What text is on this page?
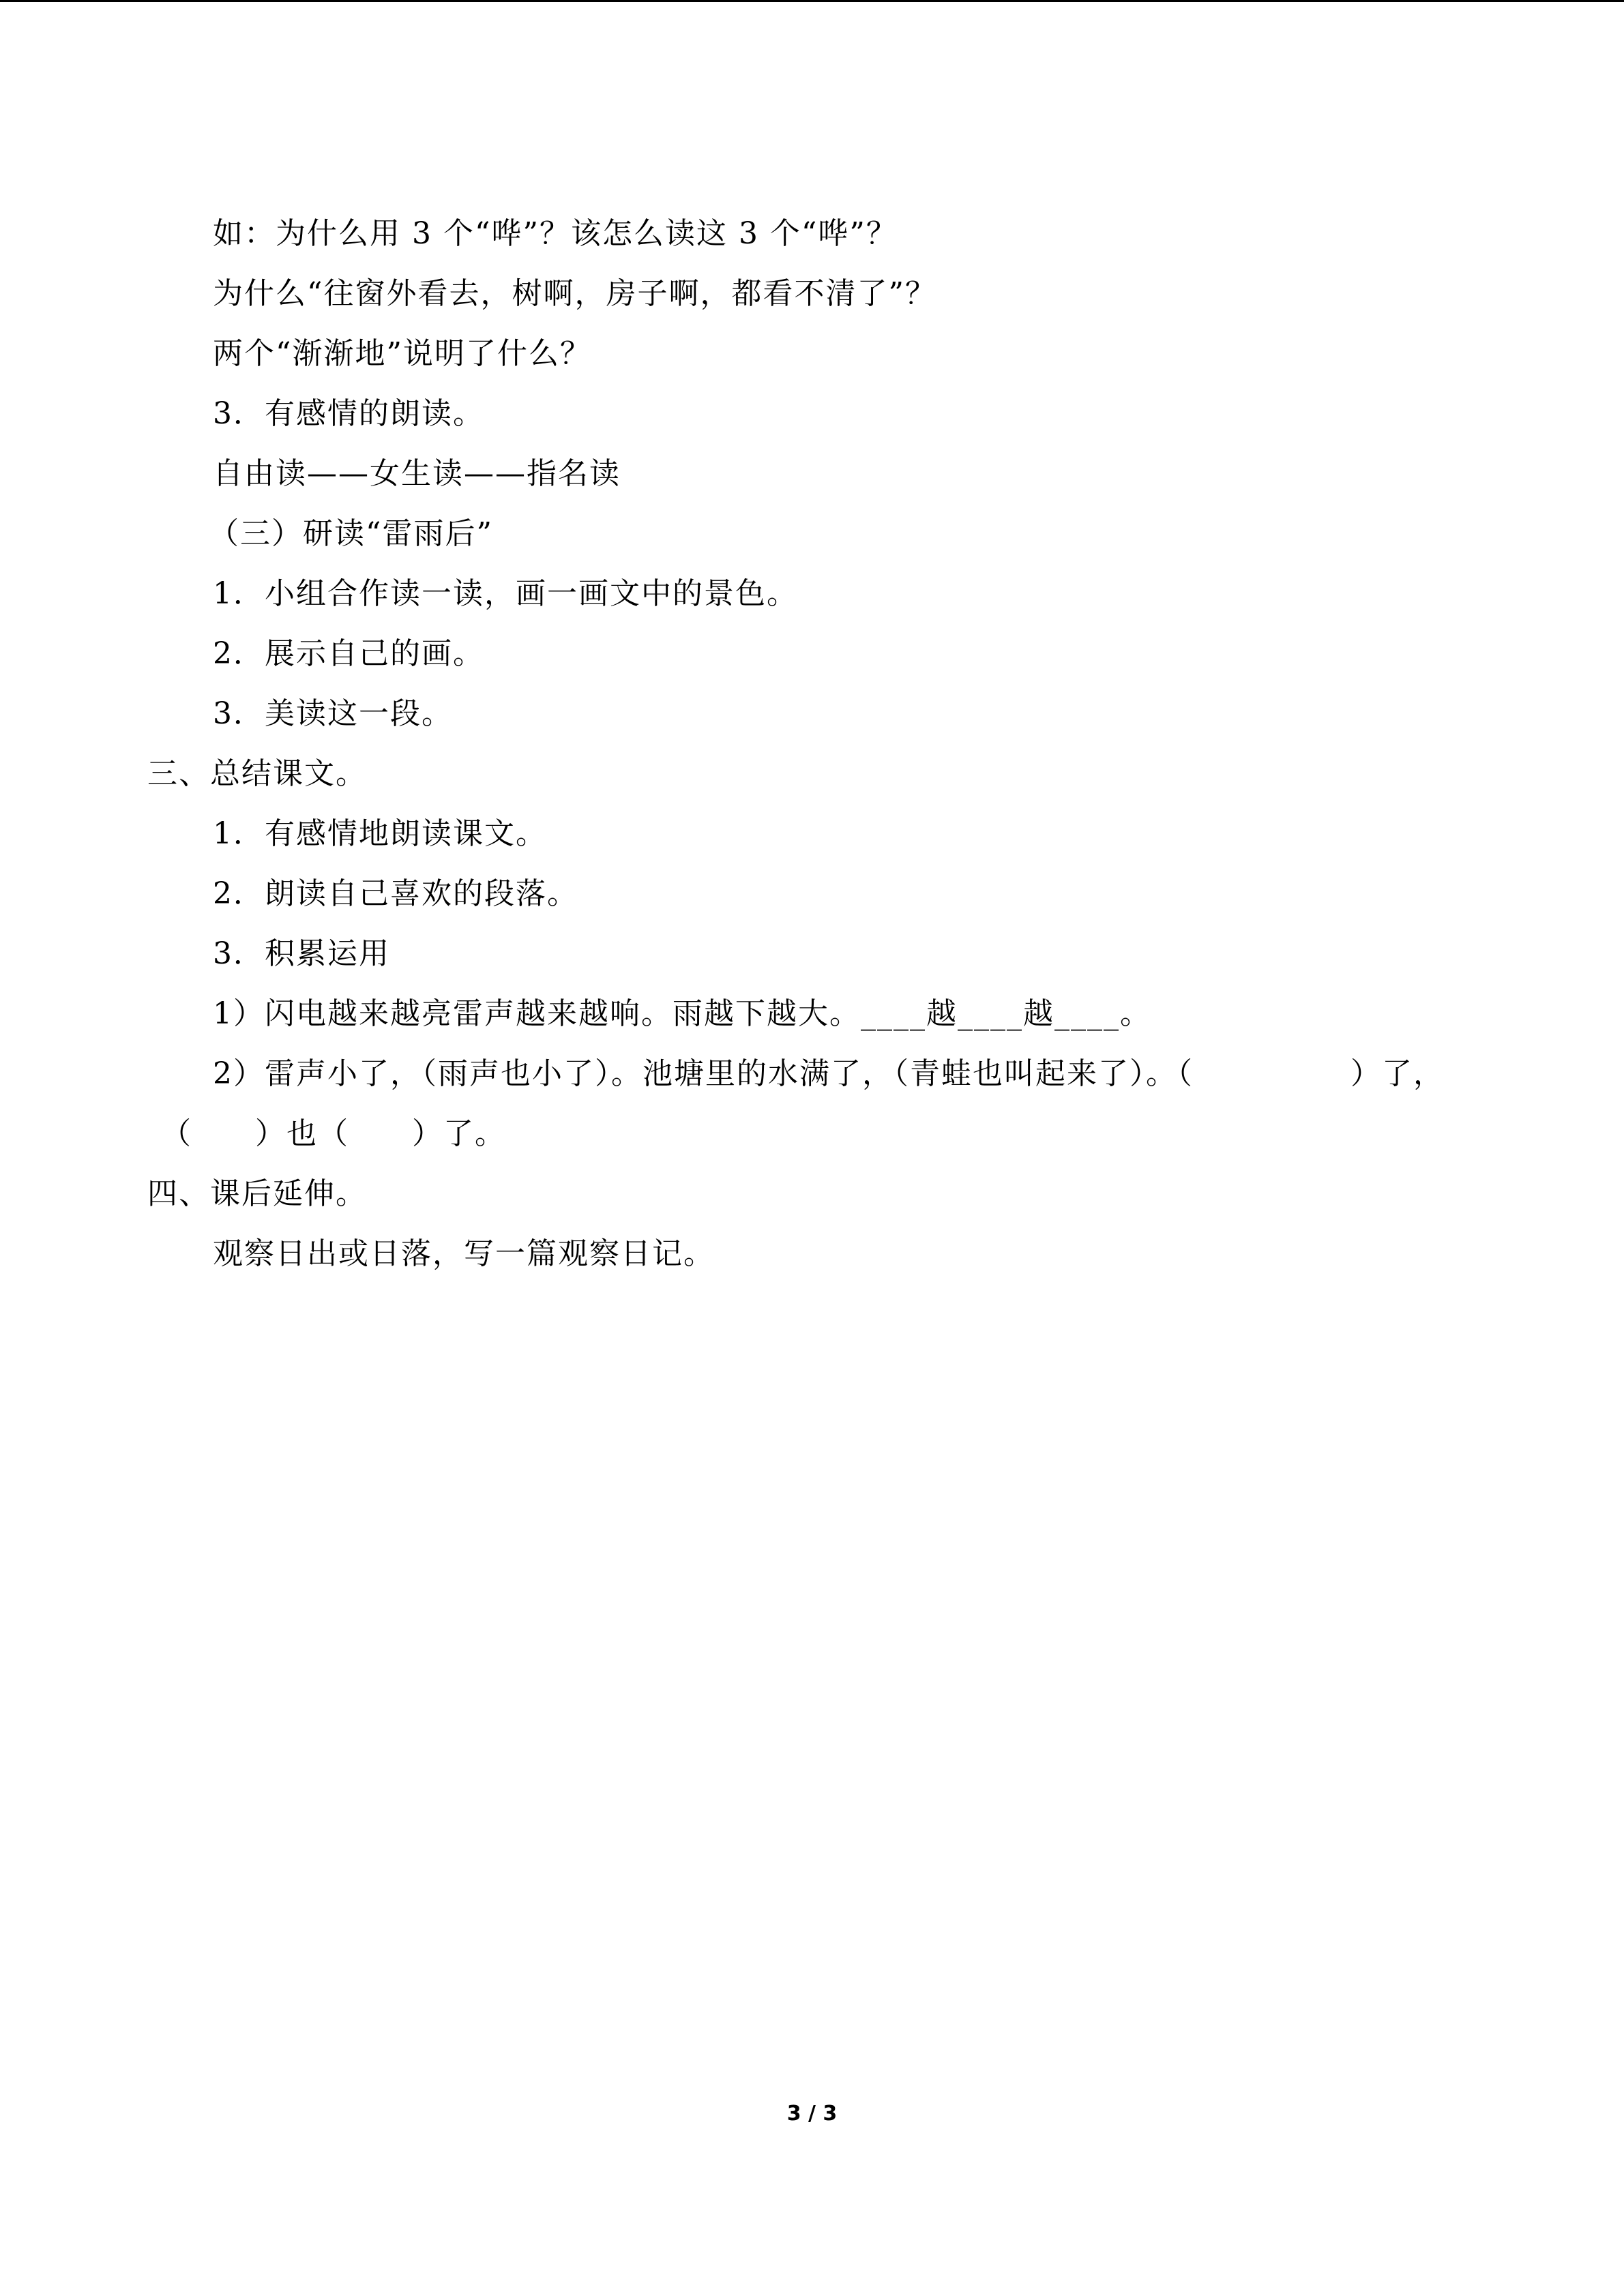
如：为什么用 3 个“哗”？该怎么读这 3 个“哗”？
为什么“往窗外看去，树啊，房子啊，都看不清了”？
两个“渐渐地”说明了什么？
3．有感情的朗读。
自由读——女生读——指名读
（三）研读“雷雨后”
1．小组合作读一读，画一画文中的景色。
2．展示自己的画。
3．美读这一段。
三、总结课文。
1．有感情地朗读课文。
2．朗读自己喜欢的段落。
3．积累运用
1）闪电越来越亮雷声越来越响。雨越下越大。____越____越____。
2）雷声小了，（雨声也小了）。池塘里的水满了，（青蛙也叫起来了）。（　　　　　）了，
（　　）也（　　）了。
四、课后延伸。
观察日出或日落，写一篇观察日记。
3 / 3
